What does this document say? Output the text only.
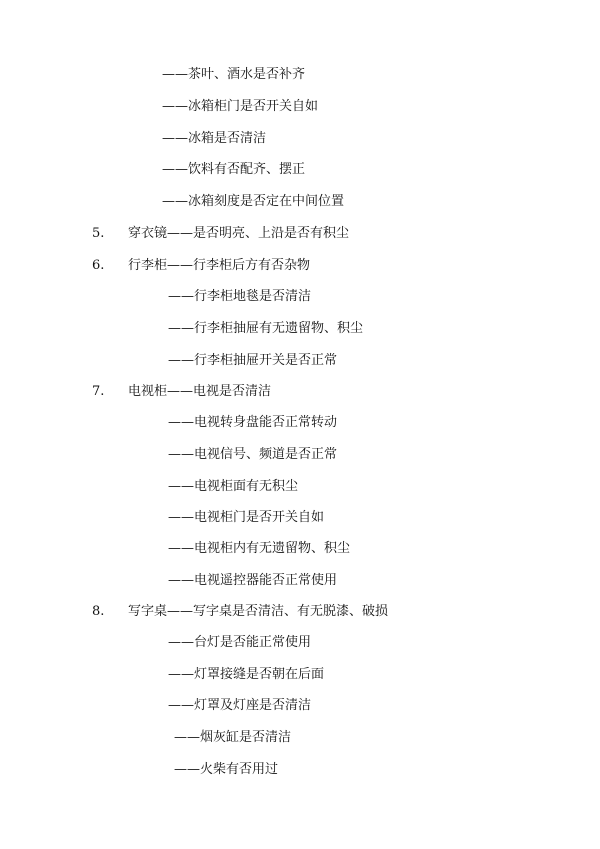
——茶叶、酒水是否补齐
——冰箱柜门是否开关自如
——冰箱是否清洁
——饮料有否配齐、摆正
——冰箱刻度是否定在中间位置
5. 穿衣镜——是否明亮、上沿是否有积尘
6. 行李柜——行李柜后方有否杂物
——行李柜地毯是否清洁
——行李柜抽屉有无遗留物、积尘
——行李柜抽屉开关是否正常
7. 电视柜——电视是否清洁
——电视转身盘能否正常转动
——电视信号、频道是否正常
——电视柜面有无积尘
——电视柜门是否开关自如
——电视柜内有无遗留物、积尘
——电视遥控器能否正常使用
8. 写字桌——写字桌是否清洁、有无脱漆、破损
——台灯是否能正常使用
——灯罩接缝是否朝在后面
——灯罩及灯座是否清洁
——烟灰缸是否清洁
——火柴有否用过
